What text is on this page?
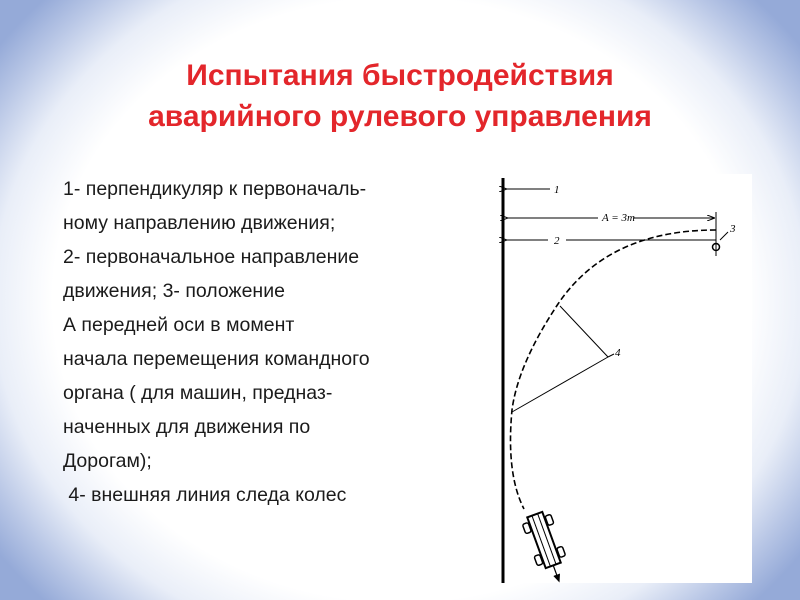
Испытания быстродействия
аварийного рулевого управления
1- перпендикуляр к первоначаль-
ному направлению движения;
2- первоначальное направление
движения; 3- положение
А передней оси в момент
начала перемещения командного
органа ( для машин, предназ-
наченных для движения по
Дорогам);
4- внешняя линия следа колес
1
A = 3m
2
3
4
